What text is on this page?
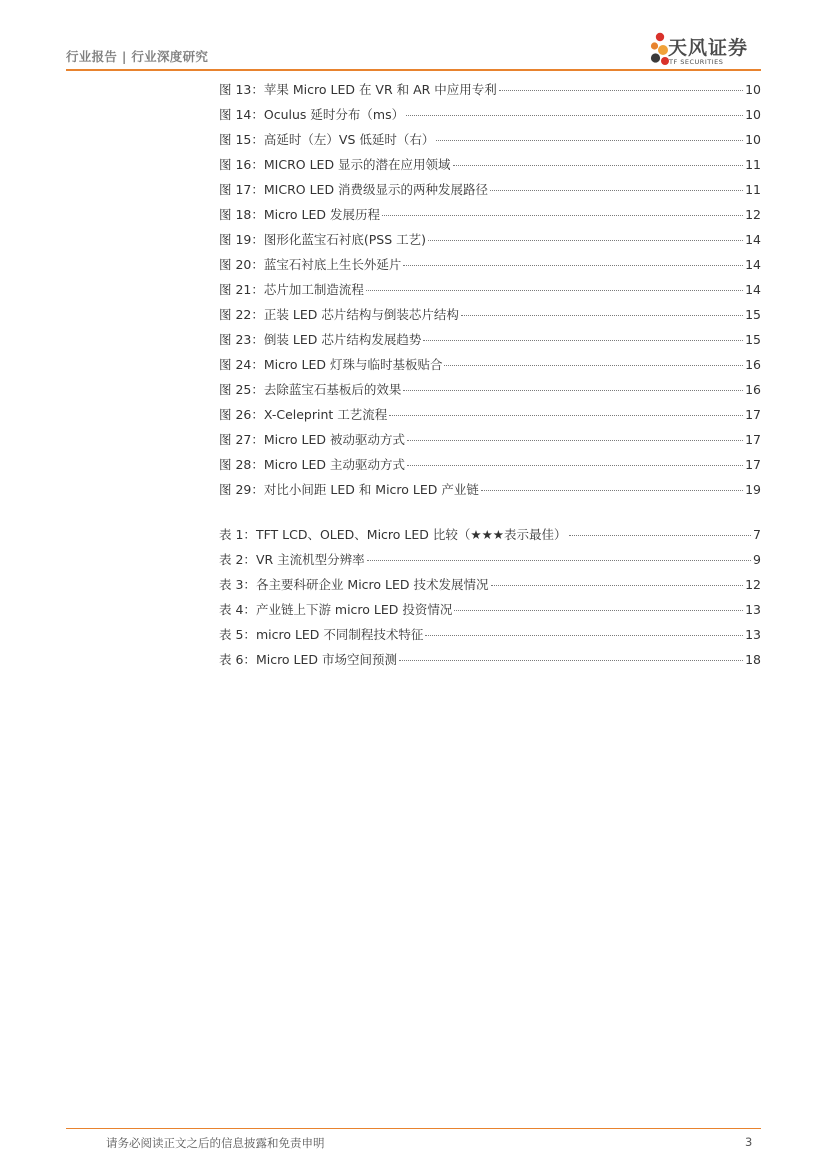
行业报告 | 行业深度研究	天风证券
TF SECURITIES
图 13： 苹果 Micro LED 在 VR 和 AR 中应用专利	10
图 14： Oculus 延时分布（ms）	10
图 15： 高延时（左）VS 低延时（右）	10
图 16： MICRO LED 显示的潜在应用领域	11
图 17： MICRO LED 消费级显示的两种发展路径	11
图 18： Micro LED 发展历程	12
图 19： 图形化蓝宝石衬底(PSS 工艺)	14
图 20： 蓝宝石衬底上生长外延片	14
图 21： 芯片加工制造流程	14
图 22： 正装 LED 芯片结构与倒装芯片结构	15
图 23： 倒装 LED 芯片结构发展趋势	15
图 24： Micro LED 灯珠与临时基板贴合	16
图 25： 去除蓝宝石基板后的效果	16
图 26： X-Celeprint 工艺流程	17
图 27： Micro LED 被动驱动方式	17
图 28： Micro LED 主动驱动方式	17
图 29： 对比小间距 LED 和 Micro LED 产业链	19
表 1： TFT LCD、OLED、Micro LED 比较（★★★表示最佳）	7
表 2： VR 主流机型分辨率	9
表 3： 各主要科研企业 Micro LED 技术发展情况	12
表 4： 产业链上下游 micro LED 投资情况	13
表 5： micro LED 不同制程技术特征	13
表 6： Micro LED 市场空间预测	18
请务必阅读正文之后的信息披露和免责申明	3
